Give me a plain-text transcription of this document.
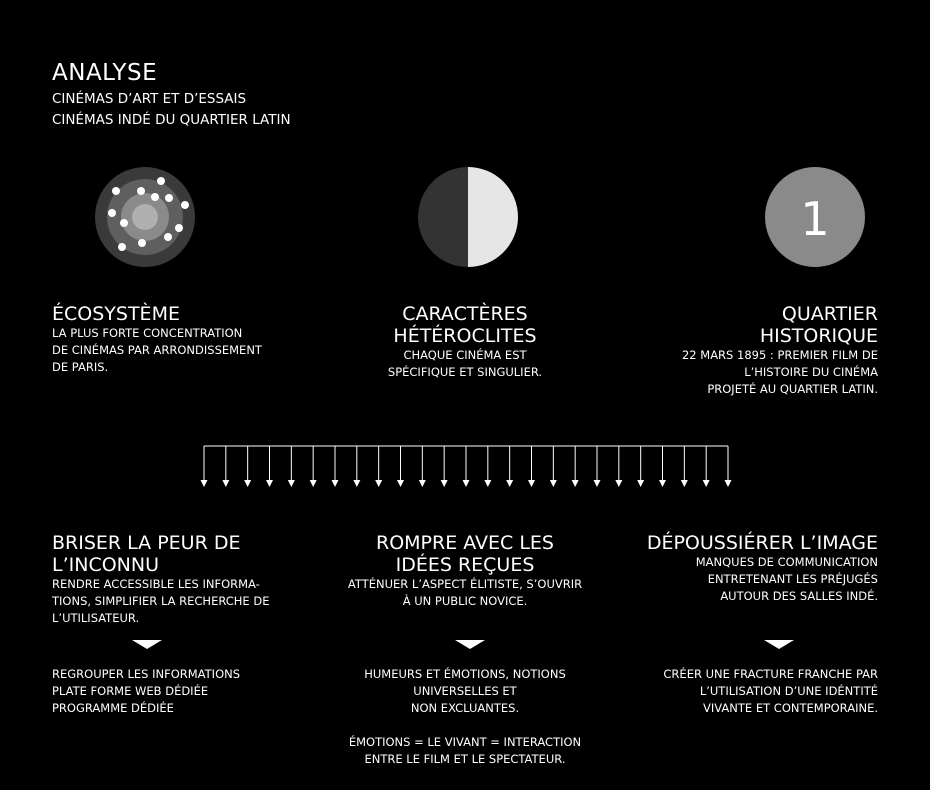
ANALYSE
CINÉMAS D’ART ET D’ESSAIS
CINÉMAS INDÉ DU QUARTIER LATIN
1
ÉCOSYSTÈME
LA PLUS FORTE CONCENTRATION
DE CINÉMAS PAR ARRONDISSEMENT
DE PARIS.
CARACTÈRES
HÉTÉROCLITES
CHAQUE CINÉMA EST
SPÉCIFIQUE ET SINGULIER.
QUARTIER
HISTORIQUE
22 MARS 1895 : PREMIER FILM DE
L’HISTOIRE DU CINÉMA
PROJETÉ AU QUARTIER LATIN.
BRISER LA PEUR DE
L’INCONNU
RENDRE ACCESSIBLE LES INFORMA-
TIONS, SIMPLIFIER LA RECHERCHE DE
L’UTILISATEUR.
ROMPRE AVEC LES
IDÉES REÇUES
ATTÉNUER L’ASPECT ÉLITISTE, S’OUVRIR
À UN PUBLIC NOVICE.
DÉPOUSSIÉRER L’IMAGE
MANQUES DE COMMUNICATION
ENTRETENANT LES PRÉJUGÉS
AUTOUR DES SALLES INDÉ.
REGROUPER LES INFORMATIONS
PLATE FORME WEB DÉDIÉE
PROGRAMME DÉDIÉE
HUMEURS ET ÉMOTIONS, NOTIONS
UNIVERSELLES ET
NON EXCLUANTES.
ÉMOTIONS = LE VIVANT = INTERACTION
ENTRE LE FILM ET LE SPECTATEUR.
CRÉER UNE FRACTURE FRANCHE PAR
L’UTILISATION D’UNE IDÉNTITÉ
VIVANTE ET CONTEMPORAINE.
